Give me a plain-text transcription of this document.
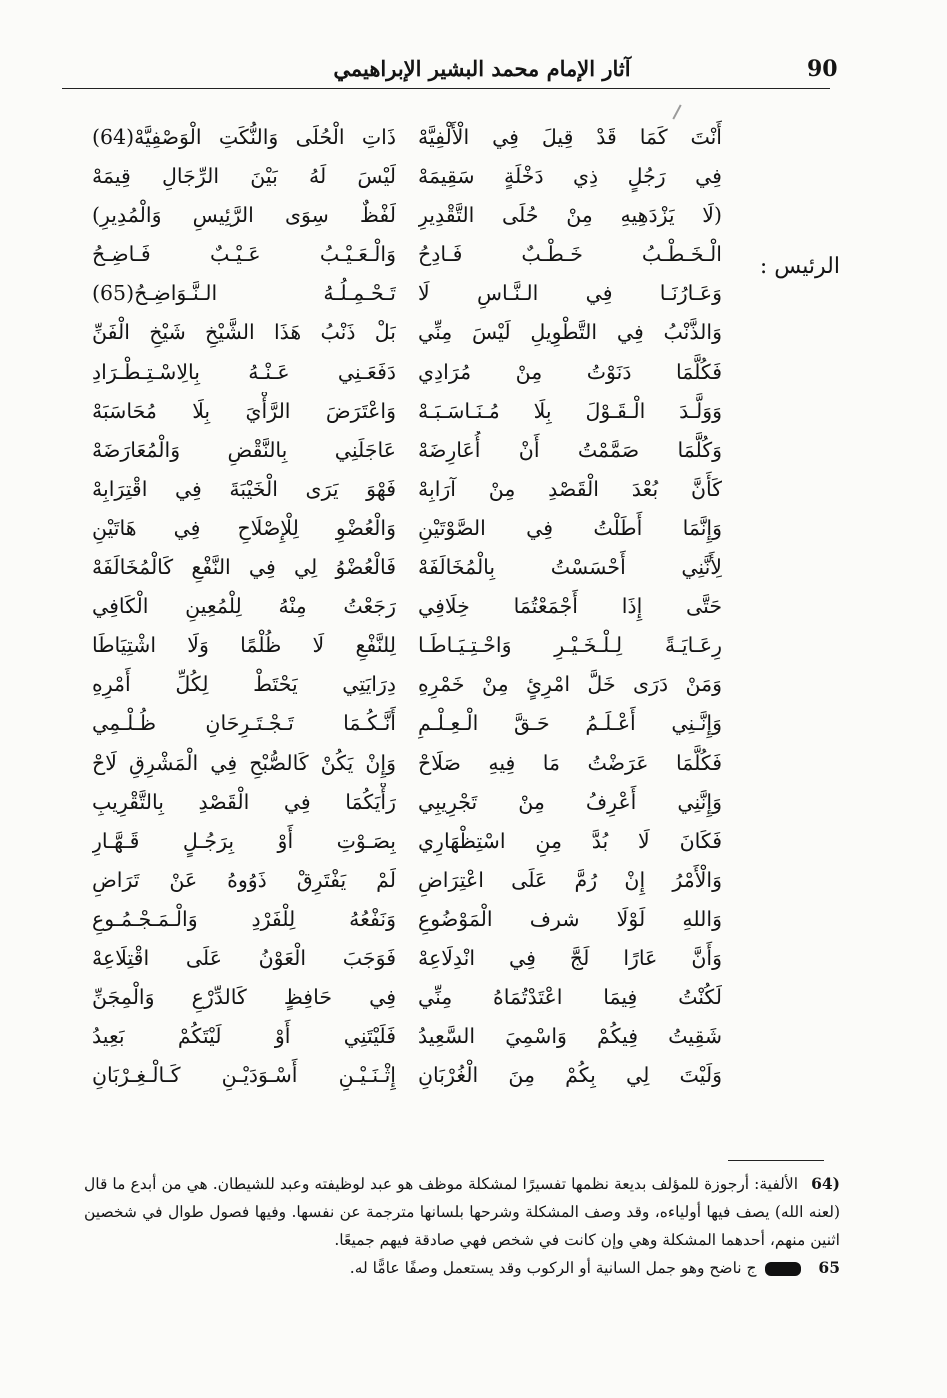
90
آثار الإمام محمد البشير الإبراهيمي
الرئيس :
أَنْتَ كَمَا قَدْ قِيلَ فِي الْأَلْفِيَّهْ
فِي رَجُلٍ ذِي دَخْلَةٍ سَقِيمَهْ
(لَا يَزْدَهِيهِ مِنْ حُلَى التَّقْدِيرِ
الْـخَـطْـبُ خَـطْـبٌ فَـادِحُ
وَعَـارُنَـا فِي الـنَّـاسِ لَا
وَالذَّنْبُ فِي التَّطْوِيلِ لَيْسَ مِنِّي
فَكُلَّمَا دَنَوْتُ مِنْ مُرَادِي
وَوَلَّـدَ الْـقَـوْلَ بِلَا مُـنَـاسَـبَـهْ
وَكُلَّمَا صَمَّمْتُ أَنْ أُعَارِضَهْ
كَأَنَّ بُعْدَ الْقَصْدِ مِنْ آرَابِهْ
وَإِنَّمَا أَطَلْتُ فِي الصَّوْتَيْنِ
لِأَنَّنِي أَحْسَسْتُ بِالْمُخَالَفَهْ
حَتَّى إِذَا أَجْمَعْتُمَا خِلَافِي
رِعَـايَـةً لِـلْـخَـيْـرِ وَاحْـتِـيَـاطَـا
وَمَنْ دَرَى خَلَّ امْرِئٍ مِنْ خَمْرِهِ
وَإِنَّـنِي أَعْـلَـمُ حَـقَّ الْـعِـلْـمِ
فَكُلَّمَا عَرَضْتُ مَا فِيهِ صَلَاحْ
وَإِنَّنِي أَعْرِفُ مِنْ تَجْرِيبِي
فَكَانَ لَا بُدَّ مِنِ اسْتِظْهَارِي
وَالْأَمْرُ إِنْ رُمَّ عَلَى اعْتِرَاضِ
وَاللهِ لَوْلَا شرف الْمَوْضُوعِ
وَأَنَّ عَارًا لَجَّ فِي انْدِلَاعِهْ
لَكُنْتُ فِيمَا اعْتَدْتُمَاهُ مِنِّي
شَقِيتُ فِيكُمْ وَاسْمِيَ السَّعِيدُ
وَلَيْتَ لِي بِكُمْ مِنَ الْغُرْبَانِ
ذَاتِ الْحُلَى وَالنُّكَتِ الْوَصْفِيَّهْ(64)
لَيْسَ لَهُ بَيْنَ الرِّجَالِ قِيمَهْ
لَفْظٌ سِوَى الرَّئِيسِ وَالْمُدِيرِ)
وَالْـعَـيْـبُ عَـيْـبٌ فَـاضِـحُ
تَـحْـمِـلُـهُ الـنَّـوَاضِـحُ(65)
بَلْ ذَنْبُ هَذَا الشَّيْخِ شَيْخِ الْفَنِّ
دَفَعَـنِي عَـنْـهُ بِالِاسْـتِـطْـرَادِ
وَاعْتَرَضَ الرَّأْيَ بِلَا مُحَاسَبَهْ
عَاجَلَنِي بِالنَّقْضِ وَالْمُعَارَضَهْ
فَهْوَ يَرَى الْخَيْبَةَ فِي اقْتِرَابِهْ
وَالْعُضْوِ لِلْإِصْلَاحِ فِي هَاتَيْنِ
فَالْعُضْوُ لِي فِي النَّفْعِ كَالْمُخَالَفَهْ
رَجَعْتُ مِنْهُ لِلْمُعِينِ الْكَافِي
لِلنَّفْعِ لَا ظُلْمًا وَلَا اشْتِيَاطَا
دِرَايَتِي يَحْتَطْ لِكُلِّ أَمْرِهِ
أَنَّـكُـمَا تَـجْـتَـرِحَانِ ظُـلْـمِي
وَإِنْ يَكُنْ كَالصُّبْحِ فِي الْمَشْرِقِ لَاحْ
رَأْيَكُمَا فِي الْقَصْدِ بِالتَّقْرِيبِ
بِصَـوْتِ أَوْ بِرَجُـلٍ قَـهَّـارِ
لَمْ يَفْتَرِقْ ذَوُوهُ عَنْ تَرَاضِ
وَنَفْعُهُ لِلْفَرْدِ وَالْـمَـجْـمُـوعِ
فَوَجَبَ الْعَوْنُ عَلَى اقْتِلَاعِهْ
فِي حَافِظٍ كَالدِّرْعِ وَالْمِجَنِّ
فَلَيْتَنِي أَوْ لَيْتَكُمْ بَعِيدُ
إِثْـنَـيْـنِ أَسْـوَدَيْـنِ كَـالْـغِـرْبَانِ
64) الألفية: أرجوزة للمؤلف بديعة نظمها تفسيرًا لمشكلة موظف هو عبد لوظيفته وعبد للشيطان. هي من أبدع ما قال (لعنه الله) يصف فيها أولياءه، وقد وصف المشكلة وشرحها بلسانها مترجمة عن نفسها. وفيها فصول طوال في شخصين اثنين منهم، أحدهما المشكلة وهي وإن كانت في شخص فهي صادقة فيهم جميعًا.
65  ج ناضح وهو جمل السانية أو الركوب وقد يستعمل وصفًا عامًّا له.
